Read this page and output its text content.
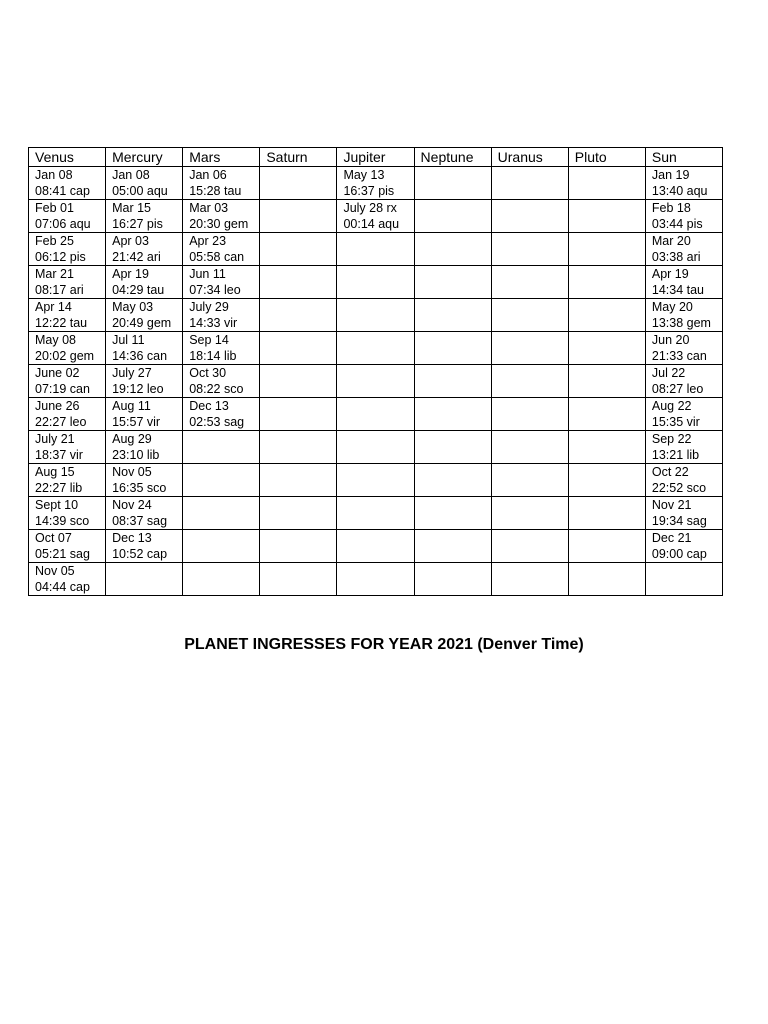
Venus	Mercury	Mars	Saturn	Jupiter	Neptune	Uranus	Pluto	Sun

Jan 08
08:41 cap	Jan 08
05:00 aqu	Jan 06
15:28 tau		May 13
16:37 pis				Jan 19
13:40 aqu

Feb 01
07:06 aqu	Mar 15
16:27 pis	Mar 03
20:30 gem		July 28 rx
00:14 aqu				Feb 18
03:44 pis

Feb 25
06:12 pis	Apr 03
21:42 ari	Apr 23
05:58 can						Mar 20
03:38 ari

Mar 21
08:17 ari	Apr 19
04:29 tau	Jun 11
07:34 leo						Apr 19
14:34 tau

Apr 14
12:22 tau	May 03
20:49 gem	July 29
14:33 vir						May 20
13:38 gem

May 08
20:02 gem	Jul 11
14:36 can	Sep 14
18:14 lib						Jun 20
21:33 can

June 02
07:19 can	July 27
19:12 leo	Oct 30
08:22 sco						Jul 22
08:27 leo

June 26
22:27 leo	Aug 11
15:57 vir	Dec 13
02:53 sag						Aug 22
15:35 vir

July 21
18:37 vir	Aug 29
23:10 lib							Sep 22
13:21 lib

Aug 15
22:27 lib	Nov 05
16:35 sco							Oct 22
22:52 sco

Sept 10
14:39 sco	Nov 24
08:37 sag							Nov 21
19:34 sag

Oct 07
05:21 sag	Dec 13
10:52 cap							Dec 21
09:00 cap

Nov 05
04:44 cap								

PLANET INGRESSES FOR YEAR 2021 (Denver Time)
